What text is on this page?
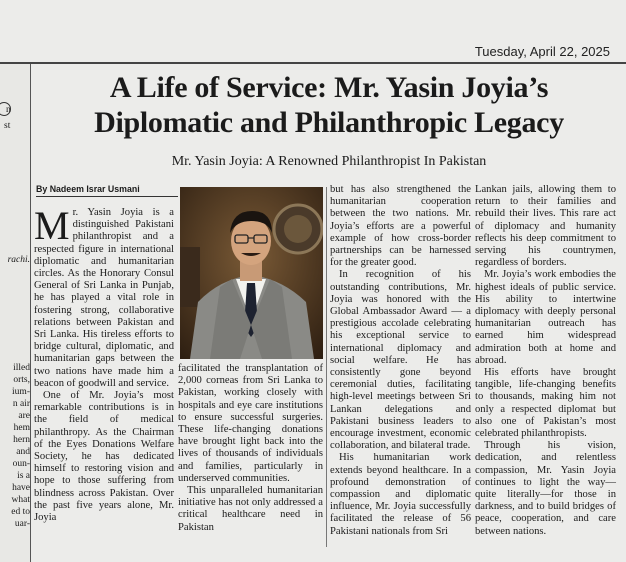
Tuesday, April 22, 2025
n
st
rachi.
illed
orts,
ium-
n air
are
hem
hern
and
oun-
is a
have
what
ed to
uar-
A Life of Service: Mr. Yasin Joyia’s
Diplomatic and Philanthropic Legacy
Mr. Yasin Joyia: A Renowned Philanthropist In Pakistan
By Nadeem Israr Usmani

Mr. Yasin Joyia is a distinguished Pakistani philanthropist and a respected figure in international diplomatic and humanitarian circles. As the Honorary Consul General of Sri Lanka in Punjab, he has played a vital role in fostering strong, collaborative relations between Pakistan and Sri Lanka. His tireless efforts to bridge cultural, diplomatic, and humanitarian gaps between the two nations have made him a beacon of goodwill and service.

One of Mr. Joyia’s most remarkable contributions is in the field of medical philanthropy. As the Chairman of the Eyes Donations Welfare Society, he has dedicated himself to restoring vision and hope to those suffering from blindness across Pakistan. Over the past five years alone, Mr. Joyia

facilitated the transplantation of 2,000 corneas from Sri Lanka to Pakistan, working closely with hospitals and eye care institutions to ensure successful surgeries. These life-changing donations have brought light back into the lives of thousands of individuals and families, particularly in underserved communities.

This unparalleled humanitarian initiative has not only addressed a critical healthcare need in Pakistan

but has also strengthened the humanitarian cooperation between the two nations. Mr. Joyia’s efforts are a powerful example of how cross-border partnerships can be harnessed for the greater good.

In recognition of his outstanding contributions, Mr. Joyia was honored with the Global Ambassador Award — a prestigious accolade celebrating his exceptional service to international diplomacy and social welfare. He has consistently gone beyond ceremonial duties, facilitating high-level meetings between Sri Lankan delegations and Pakistani business leaders to encourage investment, economic collaboration, and bilateral trade.

His humanitarian work extends beyond healthcare. In a profound demonstration of compassion and diplomatic influence, Mr. Joyia successfully facilitated the release of 56 Pakistani nationals from Sri

Lankan jails, allowing them to return to their families and rebuild their lives. This rare act of diplomacy and humanity reflects his deep commitment to serving his countrymen, regardless of borders.

Mr. Joyia’s work embodies the highest ideals of public service. His ability to intertwine diplomacy with deeply personal humanitarian outreach has earned him widespread admiration both at home and abroad.

His efforts have brought tangible, life-changing benefits to thousands, making him not only a respected diplomat but also one of Pakistan’s most celebrated philanthropists.

Through his vision, dedication, and relentless compassion, Mr. Yasin Joyia continues to light the way—quite literally—for those in darkness, and to build bridges of peace, cooperation, and care between nations.
